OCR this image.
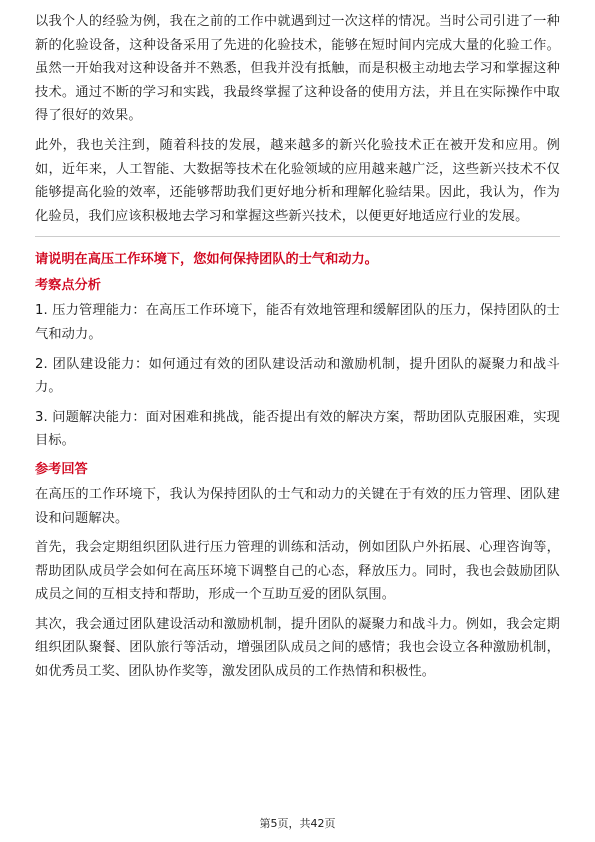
以我个人的经验为例，我在之前的工作中就遇到过一次这样的情况。当时公司引进了一种新的化验设备，这种设备采用了先进的化验技术，能够在短时间内完成大量的化验工作。虽然一开始我对这种设备并不熟悉，但我并没有抵触，而是积极主动地去学习和掌握这种技术。通过不断的学习和实践，我最终掌握了这种设备的使用方法，并且在实际操作中取得了很好的效果。

此外，我也关注到，随着科技的发展，越来越多的新兴化验技术正在被开发和应用。例如，近年来，人工智能、大数据等技术在化验领域的应用越来越广泛，这些新兴技术不仅能够提高化验的效率，还能够帮助我们更好地分析和理解化验结果。因此，我认为，作为化验员，我们应该积极地去学习和掌握这些新兴技术，以便更好地适应行业的发展。

请说明在高压工作环境下，您如何保持团队的士气和动力。

考察点分析

1. 压力管理能力：在高压工作环境下，能否有效地管理和缓解团队的压力，保持团队的士气和动力。

2. 团队建设能力：如何通过有效的团队建设活动和激励机制，提升团队的凝聚力和战斗力。

3. 问题解决能力：面对困难和挑战，能否提出有效的解决方案，帮助团队克服困难，实现目标。

参考回答

在高压的工作环境下，我认为保持团队的士气和动力的关键在于有效的压力管理、团队建设和问题解决。

首先，我会定期组织团队进行压力管理的训练和活动，例如团队户外拓展、心理咨询等，帮助团队成员学会如何在高压环境下调整自己的心态，释放压力。同时，我也会鼓励团队成员之间的互相支持和帮助，形成一个互助互爱的团队氛围。

其次，我会通过团队建设活动和激励机制，提升团队的凝聚力和战斗力。例如，我会定期组织团队聚餐、团队旅行等活动，增强团队成员之间的感情；我也会设立各种激励机制，如优秀员工奖、团队协作奖等，激发团队成员的工作热情和积极性。

第5页，共42页
